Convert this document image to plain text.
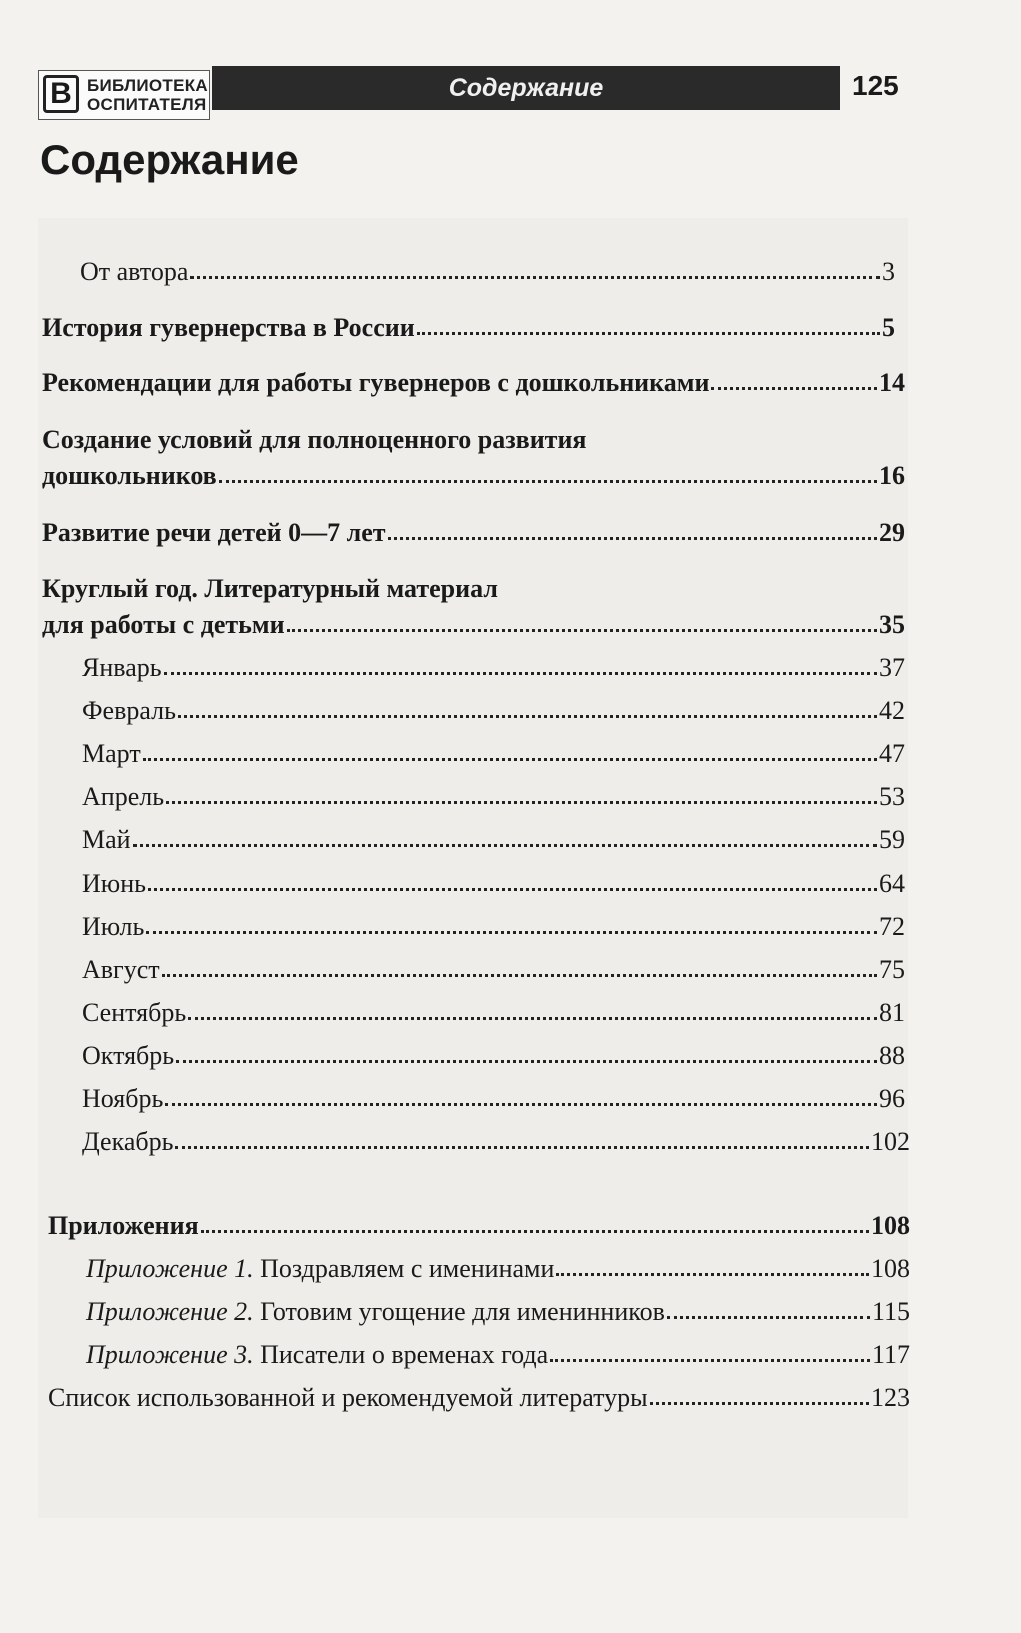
В БИБЛИОТЕКА
ОСПИТАТЕЛЯ
Содержание	125
Содержание
От автора	3
История гувернерства в России	5
Рекомендации для работы гувернеров с дошкольниками	14
Создание условий для полноценного развития
дошкольников	16
Развитие речи детей 0—7 лет	29
Круглый год. Литературный материал
для работы с детьми	35
Январь	37
Февраль	42
Март	47
Апрель	53
Май	59
Июнь	64
Июль	72
Август	75
Сентябрь	81
Октябрь	88
Ноябрь	96
Декабрь	102
Приложения	108
Приложение 1. Поздравляем с именинами	108
Приложение 2. Готовим угощение для именинников	115
Приложение 3. Писатели о временах года	117
Список использованной и рекомендуемой литературы	123
